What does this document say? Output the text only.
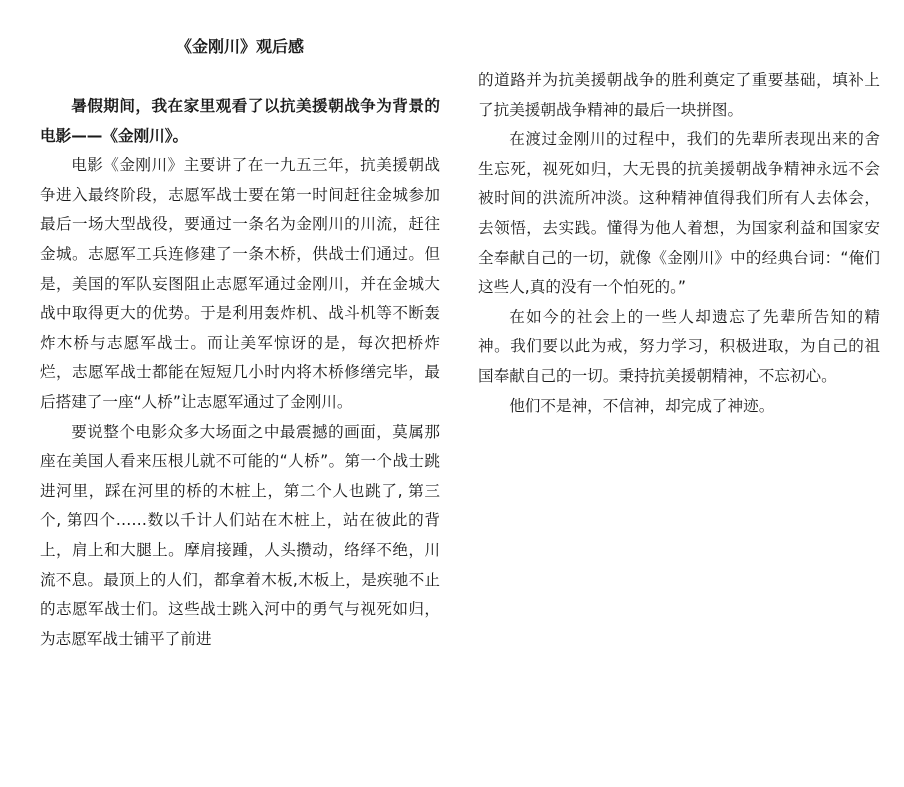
《金刚川》观后感

暑假期间，我在家里观看了以抗美援朝战争为背景的电影——《金刚川》。

电影《金刚川》主要讲了在一九五三年，抗美援朝战争进入最终阶段，志愿军战士要在第一时间赶往金城参加最后一场大型战役，要通过一条名为金刚川的川流，赶往金城。志愿军工兵连修建了一条木桥，供战士们通过。但是，美国的军队妄图阻止志愿军通过金刚川，并在金城大战中取得更大的优势。于是利用轰炸机、战斗机等不断轰炸木桥与志愿军战士。而让美军惊讶的是，每次把桥炸烂，志愿军战士都能在短短几小时内将木桥修缮完毕，最后搭建了一座“人桥”让志愿军通过了金刚川。

要说整个电影众多大场面之中最震撼的画面，莫属那座在美国人看来压根儿就不可能的“人桥”。第一个战士跳进河里，踩在河里的桥的木桩上，第二个人也跳了, 第三个, 第四个……数以千计人们站在木桩上，站在彼此的背上，肩上和大腿上。摩肩接踵，人头攒动，络绎不绝，川流不息。最顶上的人们，都拿着木板,木板上，是疾驰不止的志愿军战士们。这些战士跳入河中的勇气与视死如归，为志愿军战士铺平了前进

的道路并为抗美援朝战争的胜利奠定了重要基础，填补上了抗美援朝战争精神的最后一块拼图。

在渡过金刚川的过程中，我们的先辈所表现出来的舍生忘死，视死如归，大无畏的抗美援朝战争精神永远不会被时间的洪流所冲淡。这种精神值得我们所有人去体会，去领悟，去实践。懂得为他人着想，为国家利益和国家安全奉献自己的一切，就像《金刚川》中的经典台词：“俺们这些人,真的没有一个怕死的。”

在如今的社会上的一些人却遗忘了先辈所告知的精神。我们要以此为戒，努力学习，积极进取，为自己的祖国奉献自己的一切。秉持抗美援朝精神，不忘初心。

他们不是神，不信神，却完成了神迹。
